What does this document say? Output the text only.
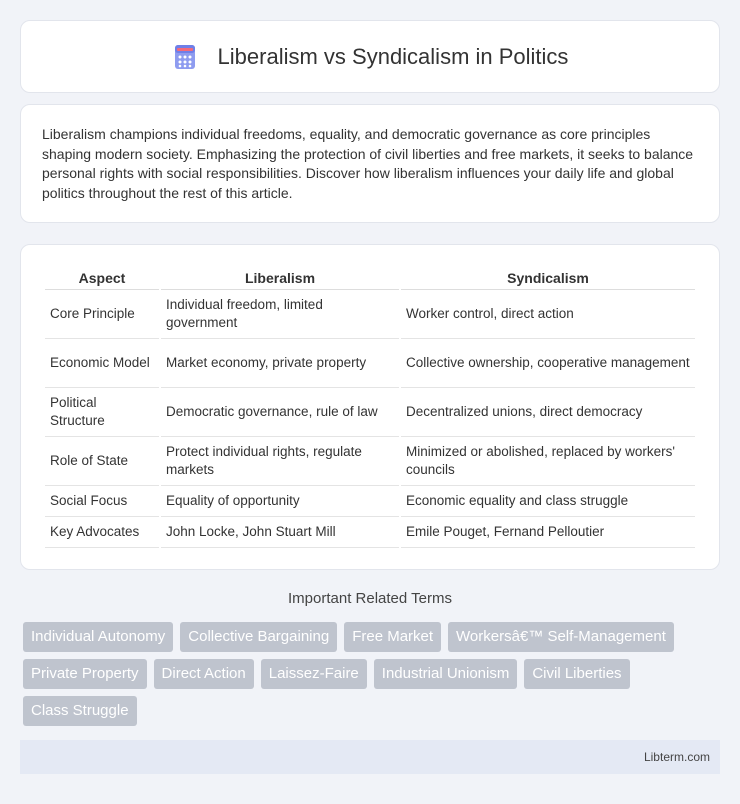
Liberalism vs Syndicalism in Politics

Liberalism champions individual freedoms, equality, and democratic governance as core principles shaping modern society. Emphasizing the protection of civil liberties and free markets, it seeks to balance personal rights with social responsibilities. Discover how liberalism influences your daily life and global politics throughout the rest of this article.

Aspect	Liberalism	Syndicalism
Core Principle	Individual freedom, limited government	Worker control, direct action
Economic Model	Market economy, private property	Collective ownership, cooperative management
Political Structure	Democratic governance, rule of law	Decentralized unions, direct democracy
Role of State	Protect individual rights, regulate markets	Minimized or abolished, replaced by workers' councils
Social Focus	Equality of opportunity	Economic equality and class struggle
Key Advocates	John Locke, John Stuart Mill	Emile Pouget, Fernand Pelloutier
Important Related Terms
Individual Autonomy	Collective Bargaining	Free Market	Workersâ€™ Self-Management
Private Property	Direct Action	Laissez-Faire	Industrial Unionism	Civil Liberties
Class Struggle
Libterm.com
